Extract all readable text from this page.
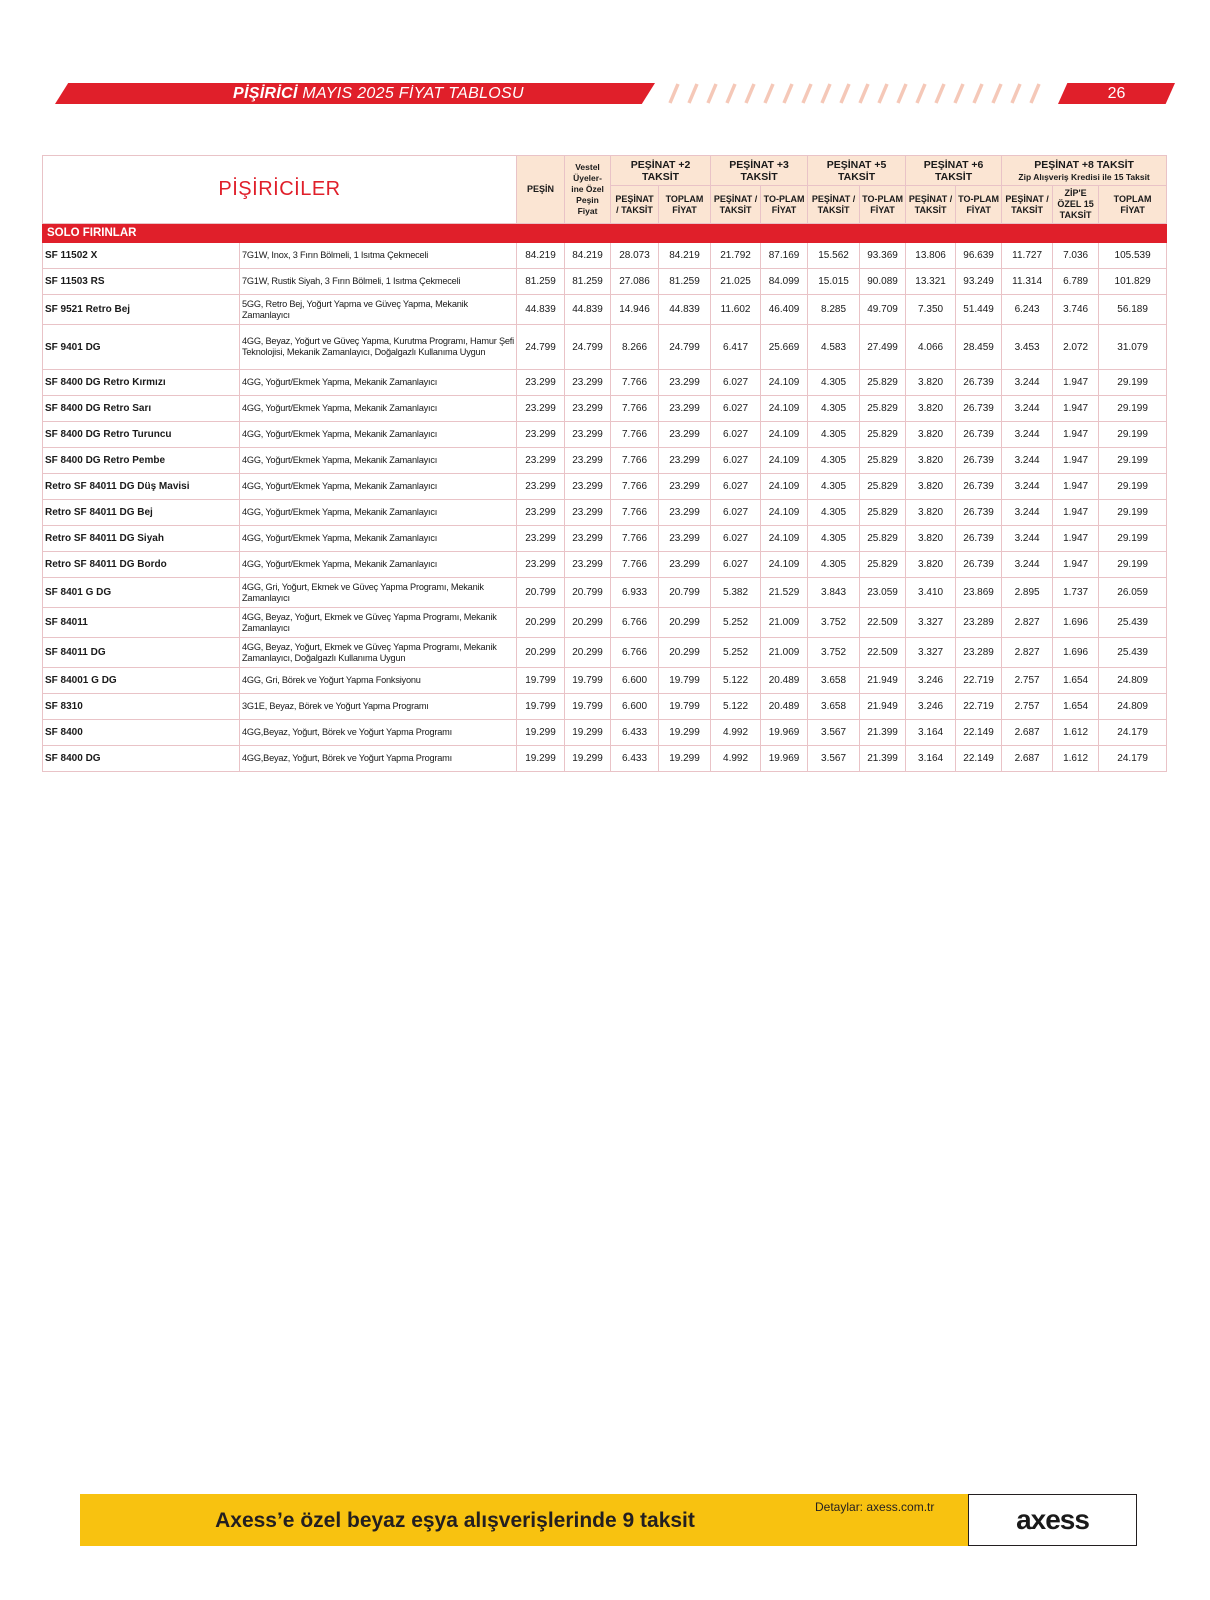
PİŞİRİCİ MAYIS 2025 FİYAT TABLOSU	26
PİŞİRİCİLER		PEŞİN	Vestel Üyeler-ine Özel Peşin Fiyat	PEŞİNAT +2 TAKSİT		PEŞİNAT +3 TAKSİT		PEŞİNAT +5 TAKSİT		PEŞİNAT +6 TAKSİT		PEŞİNAT +8 TAKSİT
Zip Alışveriş Kredisi ile 15 Taksit		
				PEŞİNAT / TAKSİT	TOPLAM FİYAT	PEŞİNAT / TAKSİT	TO-PLAM FİYAT	PEŞİNAT / TAKSİT	TO-PLAM FİYAT	PEŞİNAT / TAKSİT	TO-PLAM FİYAT	PEŞİNAT / TAKSİT	ZİP'E ÖZEL 15 TAKSİT	TOPLAM FİYAT
SOLO FIRINLAR														
SF 11502 X	7G1W, Inox, 3 Fırın Bölmeli, 1 Isıtma Çekmeceli	84.219	84.219	28.073	84.219	21.792	87.169	15.562	93.369	13.806	96.639	11.727	7.036	105.539
SF 11503 RS	7G1W, Rustik Siyah, 3 Fırın Bölmeli, 1 Isıtma Çekmeceli	81.259	81.259	27.086	81.259	21.025	84.099	15.015	90.089	13.321	93.249	11.314	6.789	101.829
SF 9521 Retro Bej	5GG, Retro Bej, Yoğurt Yapma ve Güveç Yapma, Mekanik Zamanlayıcı	44.839	44.839	14.946	44.839	11.602	46.409	8.285	49.709	7.350	51.449	6.243	3.746	56.189
SF 9401 DG	4GG, Beyaz, Yoğurt ve Güveç Yapma, Kurutma Programı, Hamur Şefi Teknolojisi, Mekanik Zamanlayıcı, Doğalgazlı Kullanıma Uygun	24.799	24.799	8.266	24.799	6.417	25.669	4.583	27.499	4.066	28.459	3.453	2.072	31.079
SF 8400 DG Retro Kırmızı	4GG, Yoğurt/Ekmek Yapma, Mekanik Zamanlayıcı	23.299	23.299	7.766	23.299	6.027	24.109	4.305	25.829	3.820	26.739	3.244	1.947	29.199
SF 8400 DG Retro Sarı	4GG, Yoğurt/Ekmek Yapma, Mekanik Zamanlayıcı	23.299	23.299	7.766	23.299	6.027	24.109	4.305	25.829	3.820	26.739	3.244	1.947	29.199
SF 8400 DG Retro Turuncu	4GG, Yoğurt/Ekmek Yapma, Mekanik Zamanlayıcı	23.299	23.299	7.766	23.299	6.027	24.109	4.305	25.829	3.820	26.739	3.244	1.947	29.199
SF 8400 DG Retro Pembe	4GG, Yoğurt/Ekmek Yapma, Mekanik Zamanlayıcı	23.299	23.299	7.766	23.299	6.027	24.109	4.305	25.829	3.820	26.739	3.244	1.947	29.199
Retro SF 84011 DG Düş Mavisi	4GG, Yoğurt/Ekmek Yapma, Mekanik Zamanlayıcı	23.299	23.299	7.766	23.299	6.027	24.109	4.305	25.829	3.820	26.739	3.244	1.947	29.199
Retro SF 84011 DG Bej	4GG, Yoğurt/Ekmek Yapma, Mekanik Zamanlayıcı	23.299	23.299	7.766	23.299	6.027	24.109	4.305	25.829	3.820	26.739	3.244	1.947	29.199
Retro SF 84011 DG Siyah	4GG, Yoğurt/Ekmek Yapma, Mekanik Zamanlayıcı	23.299	23.299	7.766	23.299	6.027	24.109	4.305	25.829	3.820	26.739	3.244	1.947	29.199
Retro SF 84011 DG Bordo	4GG, Yoğurt/Ekmek Yapma, Mekanik Zamanlayıcı	23.299	23.299	7.766	23.299	6.027	24.109	4.305	25.829	3.820	26.739	3.244	1.947	29.199
SF 8401 G DG	4GG, Gri, Yoğurt, Ekmek ve Güveç Yapma Programı, Mekanik Zamanlayıcı	20.799	20.799	6.933	20.799	5.382	21.529	3.843	23.059	3.410	23.869	2.895	1.737	26.059
SF 84011	4GG, Beyaz, Yoğurt, Ekmek ve Güveç Yapma Programı, Mekanik Zamanlayıcı	20.299	20.299	6.766	20.299	5.252	21.009	3.752	22.509	3.327	23.289	2.827	1.696	25.439
SF 84011 DG	4GG, Beyaz, Yoğurt, Ekmek ve Güveç Yapma Programı, Mekanik Zamanlayıcı, Doğalgazlı Kullanıma Uygun	20.299	20.299	6.766	20.299	5.252	21.009	3.752	22.509	3.327	23.289	2.827	1.696	25.439
SF 84001 G DG	4GG, Gri, Börek ve Yoğurt Yapma Fonksiyonu	19.799	19.799	6.600	19.799	5.122	20.489	3.658	21.949	3.246	22.719	2.757	1.654	24.809
SF 8310	3G1E, Beyaz, Börek ve Yoğurt Yapma Programı	19.799	19.799	6.600	19.799	5.122	20.489	3.658	21.949	3.246	22.719	2.757	1.654	24.809
SF 8400	4GG,Beyaz, Yoğurt, Börek ve Yoğurt Yapma Programı	19.299	19.299	6.433	19.299	4.992	19.969	3.567	21.399	3.164	22.149	2.687	1.612	24.179
SF 8400 DG	4GG,Beyaz, Yoğurt, Börek ve Yoğurt Yapma Programı	19.299	19.299	6.433	19.299	4.992	19.969	3.567	21.399	3.164	22.149	2.687	1.612	24.179
Axess’e özel beyaz eşya alışverişlerinde 9 taksit
Detaylar: axess.com.tr	axess
